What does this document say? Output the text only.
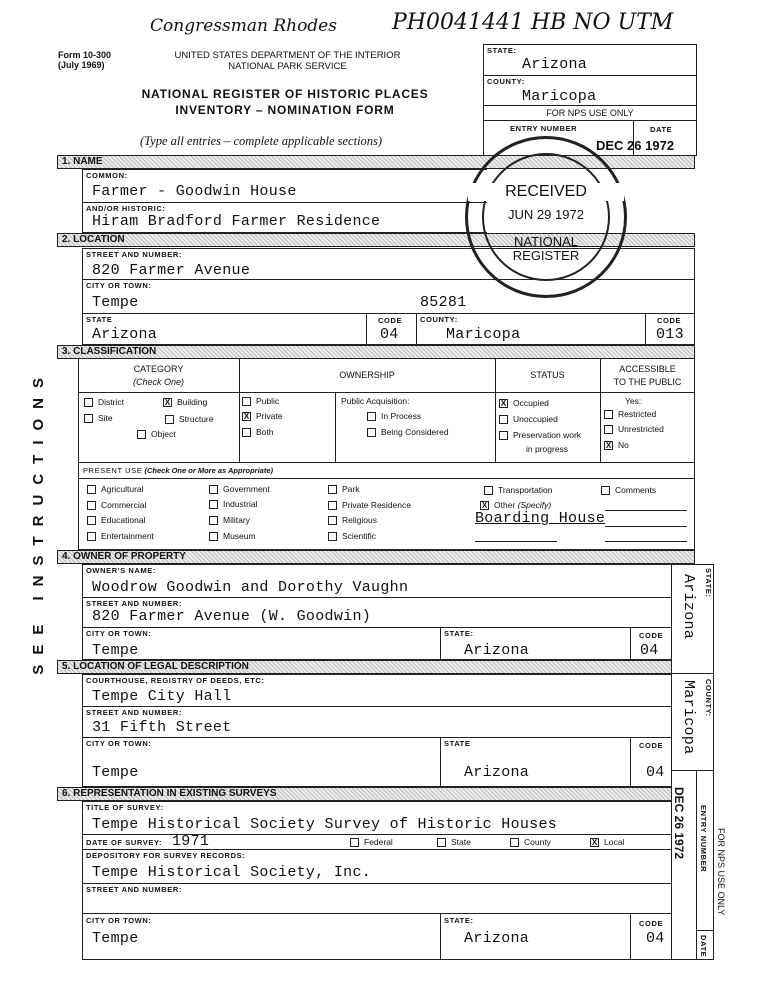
Congressman Rhodes	PH0041441 HB NO UTM
Form 10-300
(July 1969)
UNITED STATES DEPARTMENT OF THE INTERIOR
NATIONAL PARK SERVICE
NATIONAL REGISTER OF HISTORIC PLACES
INVENTORY – NOMINATION FORM
(Type all entries – complete applicable sections)
STATE:
Arizona
COUNTY:
Maricopa
FOR NPS USE ONLY
ENTRY NUMBER	DATE
DEC 26 1972
SEE INSTRUCTIONS
1. NAME
COMMON:
Farmer - Goodwin House
AND/OR HISTORIC:
Hiram Bradford Farmer Residence
2. LOCATION
STREET AND NUMBER:
820 Farmer Avenue
CITY OR TOWN:
Tempe	85281
STATE
Arizona
CODE
04
COUNTY:
Maricopa
CODE
013
RECEIVED
JUN 29 1972
NATIONAL
REGISTER
3. CLASSIFICATION
CATEGORY
(Check One)
OWNERSHIP	STATUS
ACCESSIBLE
TO THE PUBLIC
District	X Building
Site	Structure
Object
Public
X Private
Both
Public Acquisition:
In Process
Being Considered
X Occupied
Unoccupied
Preservation work
in progress
Yes:
Restricted
Unrestricted
X No
PRESENT USE (Check One or More as Appropriate)
Agricultural
Commercial
Educational
Entertainment
Government
Industrial
Military
Museum
Park
Private Residence
Religious
Scientific
Transportation
X Other (Specify)
Comments
Boarding House
4. OWNER OF PROPERTY
OWNER'S NAME:
Woodrow Goodwin and Dorothy Vaughn
STREET AND NUMBER:
820 Farmer Avenue (W. Goodwin)
CITY OR TOWN:
Tempe
STATE:
Arizona
CODE
04
5. LOCATION OF LEGAL DESCRIPTION
COURTHOUSE, REGISTRY OF DEEDS, ETC:
Tempe City Hall
STREET AND NUMBER:
31 Fifth Street
CITY OR TOWN:
Tempe
STATE
Arizona
CODE
04
6. REPRESENTATION IN EXISTING SURVEYS
TITLE OF SURVEY:
Tempe Historical Society Survey of Historic Houses
DATE OF SURVEY: 1971	Federal	State	County	X Local
DEPOSITORY FOR SURVEY RECORDS:
Tempe Historical Society, Inc.
STREET AND NUMBER:
CITY OR TOWN:
Tempe
STATE:
Arizona
CODE
04
STATE:
Arizona
COUNTY:
Maricopa
DEC 26 1972 ENTRY NUMBER
DATE
FOR NPS USE ONLY
